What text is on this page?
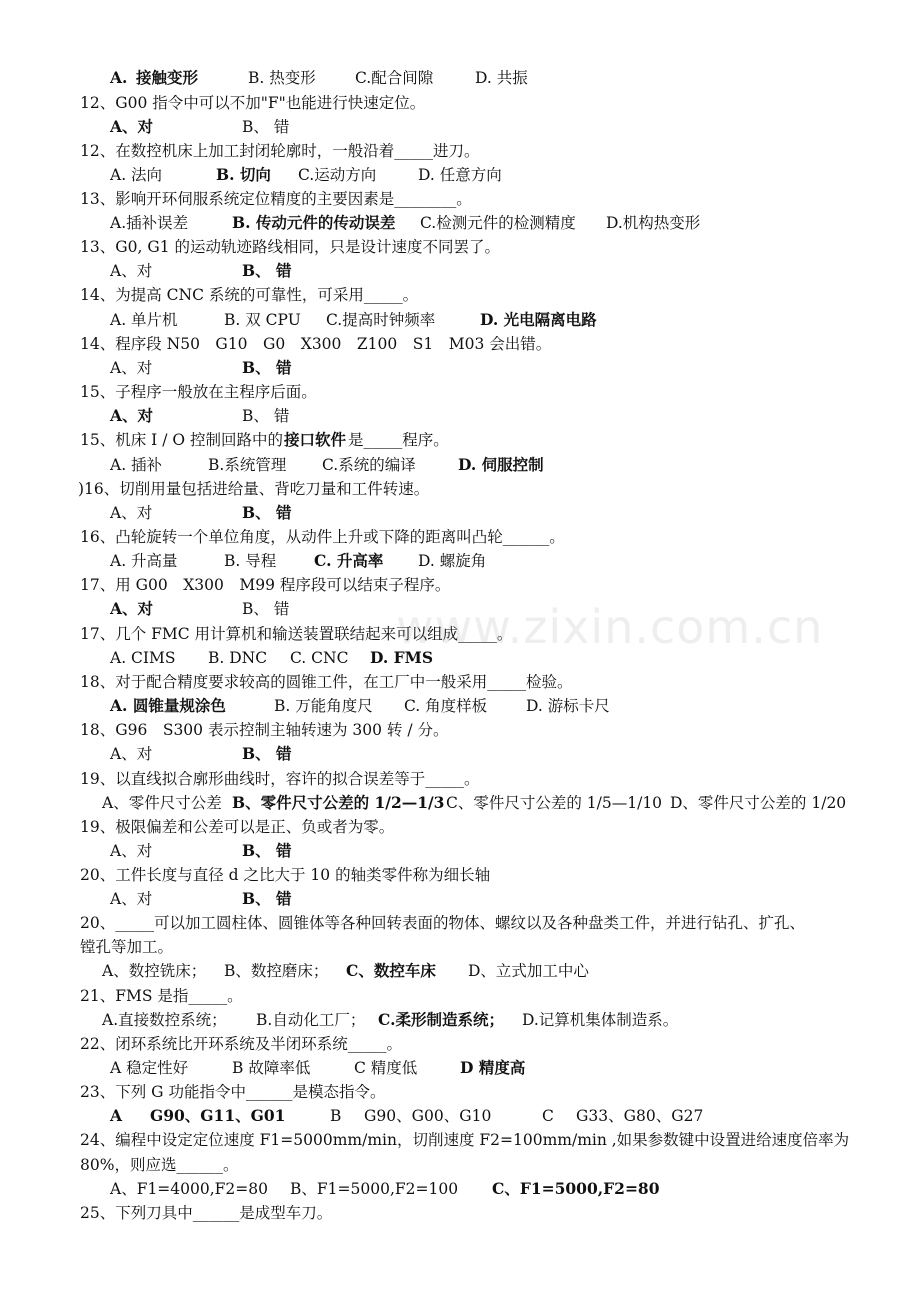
A. 接触变形	B. 热变形	C.配合间隙	D. 共振
12、G00 指令中可以不加"F"也能进行快速定位。
A、对	B、 错
12、在数控机床上加工封闭轮廓时，一般沿着_____进刀。
A. 法向	B. 切向 C.运动方向	D. 任意方向
13、影响开环伺服系统定位精度的主要因素是________。
A.插补误差	B. 传动元件的传动误差 C.检测元件的检测精度 D.机构热变形
13、G0, G1 的运动轨迹路线相同，只是设计速度不同罢了。
A、对	B、 错
14、为提高 CNC 系统的可靠性，可采用_____。
A. 单片机	B. 双 CPU C.提高时钟频率	D. 光电隔离电路
14、程序段 N50　G10　G0　X300　Z100　S1　M03 会出错。
A、对	B、 错
15、子程序一般放在主程序后面。
A、对	B、 错
15、机床 I / O 控制回路中的 接口软件 是_____程序。
A. 插补	B.系统管理 C.系统的编译	D. 伺服控制
)16、切削用量包括进给量、背吃刀量和工件转速。
A、对	B、 错
16、凸轮旋转一个单位角度，从动件上升或下降的距离叫凸轮______。
A. 升高量	B. 导程 C. 升高率 D. 螺旋角
17、用 G00　X300　M99 程序段可以结束子程序。
A、对	B、 错
17、几个 FMC 用计算机和输送装置联结起来可以组成_____。
A. CIMS B. DNC C. CNC D. FMS
18、对于配合精度要求较高的圆锥工件，在工厂中一般采用_____检验。
A. 圆锥量规涂色	B. 万能角度尺 C. 角度样板	D. 游标卡尺
18、G96　S300 表示控制主轴转速为 300 转 / 分。
A、对	B、 错
19、以直线拟合廓形曲线时，容许的拟合误差等于_____。
A、零件尺寸公差 B、零件尺寸公差的 1/2—1/3 C、零件尺寸公差的 1/5—1/10 D、零件尺寸公差的 1/20
19、极限偏差和公差可以是正、负或者为零。
A、对	B、 错
20、工件长度与直径 d 之比大于 10 的轴类零件称为细长轴
A、对	B、 错
20、_____可以加工圆柱体、圆锥体等各种回转表面的物体、螺纹以及各种盘类工件，并进行钻孔、扩孔、
镗孔等加工。
A、数控铣床； B、数控磨床； C、数控车床 D、立式加工中心
21、FMS 是指_____。
A.直接数控系统； B.自动化工厂； C.柔形制造系统； D.记算机集体制造系。
22、闭环系统比开环系统及半闭环系统_____。
A 稳定性好	B 故障率低	C 精度低	D 精度高
23、下列 G 功能指令中______是模态指令。
A G90、G11、G01	B G90、G00、G10	C G33、G80、G27
24、编程中设定定位速度 F1=5000mm/min，切削速度 F2=100mm/min ,如果参数键中设置进给速度倍率为
80%，则应选______。
A、F1=4000,F2=80 B、F1=5000,F2=100 C、F1=5000,F2=80
25、下列刀具中______是成型车刀。
www.zixin.com.cn
